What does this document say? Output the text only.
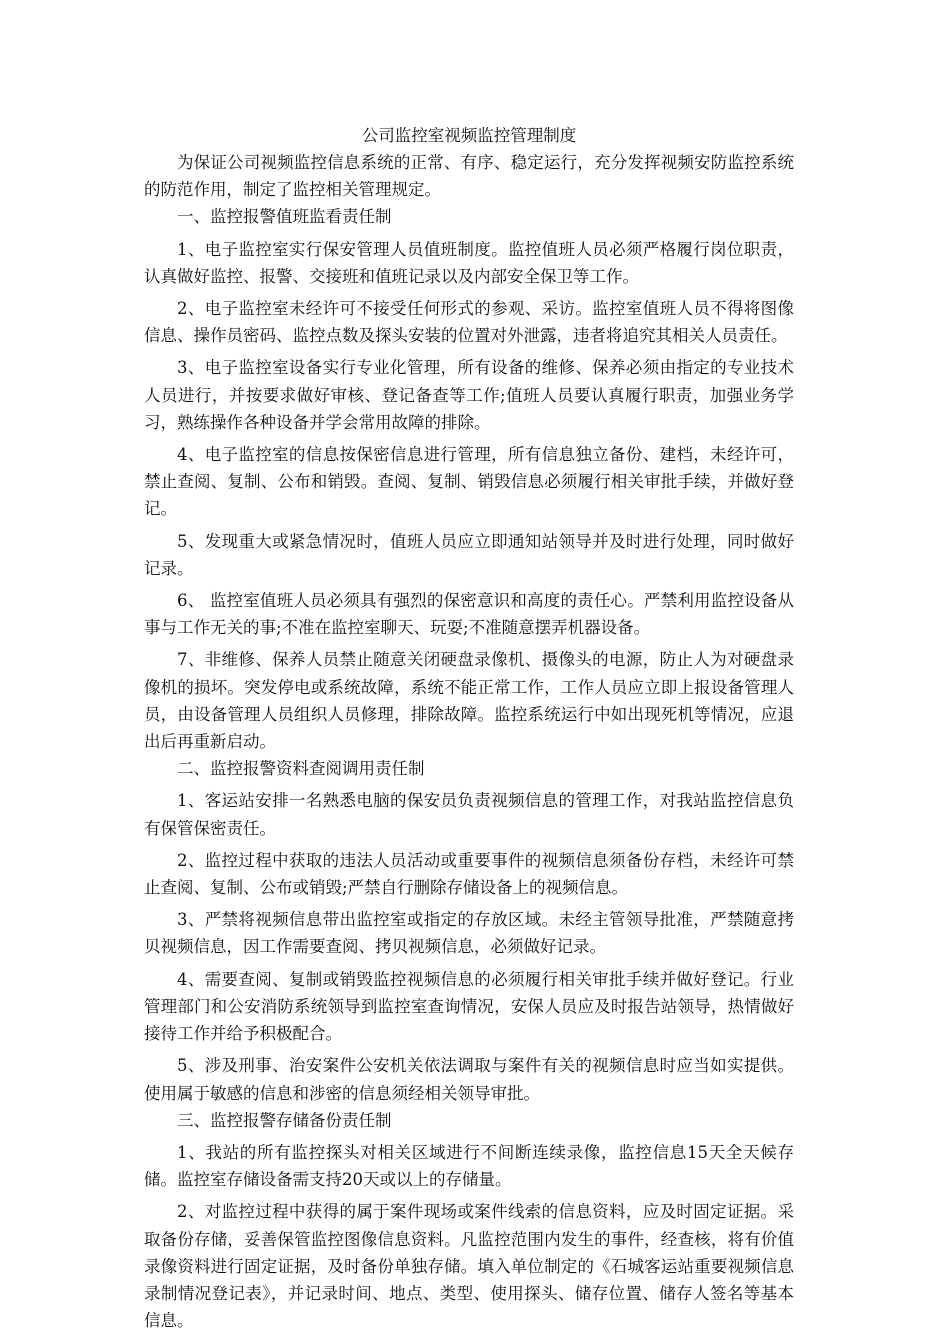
公司监控室视频监控管理制度
为保证公司视频监控信息系统的正常、有序、稳定运行，充分发挥视频安防监控系统的防范作用，制定了监控相关管理规定。
一、监控报警值班监看责任制
1、电子监控室实行保安管理人员值班制度。监控值班人员必须严格履行岗位职责，认真做好监控、报警、交接班和值班记录以及内部安全保卫等工作。
2、电子监控室未经许可不接受任何形式的参观、采访。监控室值班人员不得将图像信息、操作员密码、监控点数及探头安装的位置对外泄露，违者将追究其相关人员责任。
3、电子监控室设备实行专业化管理，所有设备的维修、保养必须由指定的专业技术人员进行，并按要求做好审核、登记备查等工作;值班人员要认真履行职责，加强业务学习，熟练操作各种设备并学会常用故障的排除。
4、电子监控室的信息按保密信息进行管理，所有信息独立备份、建档，未经许可，禁止查阅、复制、公布和销毁。查阅、复制、销毁信息必须履行相关审批手续，并做好登记。
5、发现重大或紧急情况时，值班人员应立即通知站领导并及时进行处理，同时做好记录。
6、 监控室值班人员必须具有强烈的保密意识和高度的责任心。严禁利用监控设备从事与工作无关的事;不准在监控室聊天、玩耍;不准随意摆弄机器设备。
7、非维修、保养人员禁止随意关闭硬盘录像机、摄像头的电源，防止人为对硬盘录像机的损坏。突发停电或系统故障，系统不能正常工作，工作人员应立即上报设备管理人员，由设备管理人员组织人员修理，排除故障。监控系统运行中如出现死机等情况，应退出后再重新启动。
二、监控报警资料查阅调用责任制
1、客运站安排一名熟悉电脑的保安员负责视频信息的管理工作，对我站监控信息负有保管保密责任。
2、监控过程中获取的违法人员活动或重要事件的视频信息须备份存档，未经许可禁止查阅、复制、公布或销毁;严禁自行删除存储设备上的视频信息。
3、严禁将视频信息带出监控室或指定的存放区域。未经主管领导批准，严禁随意拷贝视频信息，因工作需要查阅、拷贝视频信息，必须做好记录。
4、需要查阅、复制或销毁监控视频信息的必须履行相关审批手续并做好登记。行业管理部门和公安消防系统领导到监控室查询情况，安保人员应及时报告站领导，热情做好接待工作并给予积极配合。
5、涉及刑事、治安案件公安机关依法调取与案件有关的视频信息时应当如实提供。使用属于敏感的信息和涉密的信息须经相关领导审批。
三、监控报警存储备份责任制
1、我站的所有监控探头对相关区域进行不间断连续录像，监控信息15天全天候存储。监控室存储设备需支持20天或以上的存储量。
2、对监控过程中获得的属于案件现场或案件线索的信息资料，应及时固定证据。采取备份存储，妥善保管监控图像信息资料。凡监控范围内发生的事件，经查核，将有价值录像资料进行固定证据，及时备份单独存储。填入单位制定的《石城客运站重要视频信息录制情况登记表》，并记录时间、地点、类型、使用探头、储存位置、储存人签名等基本信息。
